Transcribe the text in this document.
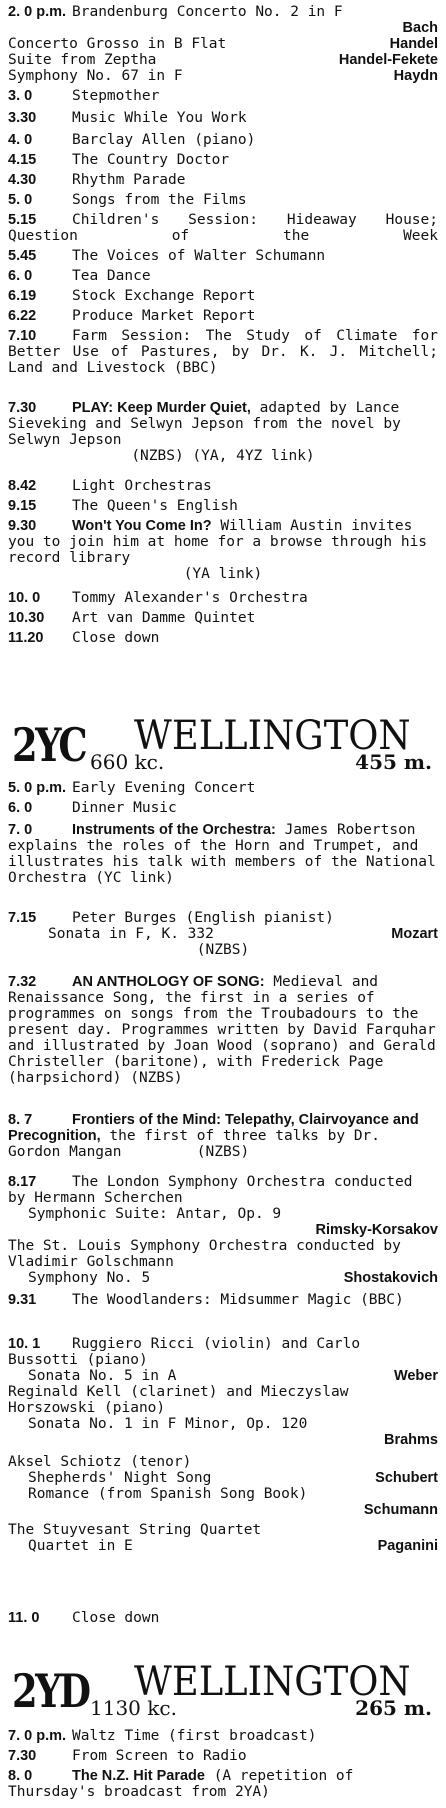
2. 0 p.m. Brandenburg Concerto No. 2 in F
Bach
Concerto Grosso in B Flat	Handel
Suite from Zeptha	Handel-Fekete
Symphony No. 67 in F	Haydn
3. 0	Stepmother
3.30 Music While You Work
4. 0	Barclay Allen (piano)
4.15 The Country Doctor
4.30 Rhythm Parade
5. 0	Songs from the Films
5.15 Children's Session: Hideaway House; Question of the Week
5.45 The Voices of Walter Schumann
6. 0	Tea Dance
6.19 Stock Exchange Report
6.22 Produce Market Report
7.10 Farm Session: The Study of Climate for Better Use of Pastures, by Dr. K. J. Mitchell; Land and Livestock (BBC)
7.30 PLAY: Keep Murder Quiet, adapted by Lance Sieveking and Selwyn Jepson from the novel by Selwyn Jepson
(NZBS) (YA, 4YZ link)
8.42 Light Orchestras
9.15 The Queen's English
9.30 Won't You Come In? William Austin invites you to join him at home for a browse through his record library
(YA link)
10. 0 Tommy Alexander's Orchestra
10.30 Art van Damme Quintet
11.20 Close down
2YC WELLINGTON
660 kc.	455 m.
5. 0 p.m. Early Evening Concert
6. 0	Dinner Music
7. 0	Instruments of the Orchestra: James Robertson explains the roles of the Horn and Trumpet, and illustrates his talk with members of the National Orchestra (YC link)
7.15 Peter Burges (English pianist)
Sonata in F, K. 332	Mozart
(NZBS)
7.32 AN ANTHOLOGY OF SONG: Medieval and Renaissance Song, the first in a series of programmes on songs from the Troubadours to the present day. Programmes written by David Farquhar and illustrated by Joan Wood (soprano) and Gerald Christeller (baritone), with Frederick Page (harpsichord) (NZBS)
8. 7	Frontiers of the Mind: Telepathy, Clairvoyance and Precognition, the first of three talks by Dr. Gordon Mangan	(NZBS)
8.17 The London Symphony Orchestra conducted by Hermann Scherchen
Symphonic Suite: Antar, Op. 9
Rimsky-Korsakov
The St. Louis Symphony Orchestra conducted by Vladimir Golschmann
Symphony No. 5	Shostakovich
9.31 The Woodlanders: Midsummer Magic (BBC)
10. 1 Ruggiero Ricci (violin) and Carlo Bussotti (piano)
Sonata No. 5 in A	Weber
Reginald Kell (clarinet) and Mieczyslaw Horszowski (piano)
Sonata No. 1 in F Minor, Op. 120
Brahms
Aksel Schiotz (tenor)
Shepherds' Night Song	Schubert
Romance (from Spanish Song Book)
Schumann
The Stuyvesant String Quartet
Quartet in E	Paganini
11. 0 Close down
2YD WELLINGTON
1130 kc.	265 m.
7. 0 p.m. Waltz Time (first broadcast)
7.30 From Screen to Radio
8. 0	The N.Z. Hit Parade (A repetition of Thursday's broadcast from 2YA)
